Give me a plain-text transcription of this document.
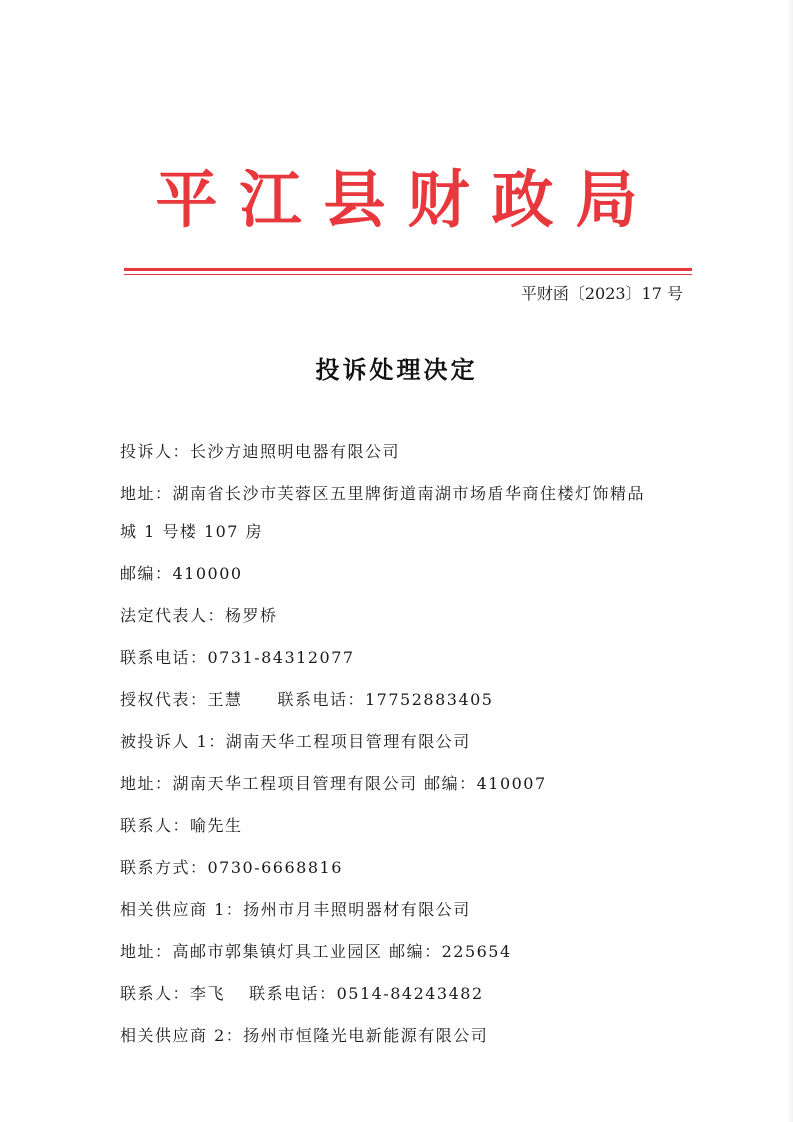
平江县财政局
平财函〔2023〕17 号
投诉处理决定
投诉人：长沙方迪照明电器有限公司
地址：湖南省长沙市芙蓉区五里牌街道南湖市场盾华商住楼灯饰精品
城 1 号楼 107 房
邮编：410000
法定代表人：杨罗桥
联系电话：0731-84312077
授权代表：王慧　　联系电话：17752883405
被投诉人 1：湖南天华工程项目管理有限公司
地址：湖南天华工程项目管理有限公司 邮编：410007
联系人：喻先生
联系方式：0730-6668816
相关供应商 1：扬州市月丰照明器材有限公司
地址：高邮市郭集镇灯具工业园区 邮编：225654
联系人：李飞　 联系电话：0514-84243482
相关供应商 2：扬州市恒隆光电新能源有限公司
